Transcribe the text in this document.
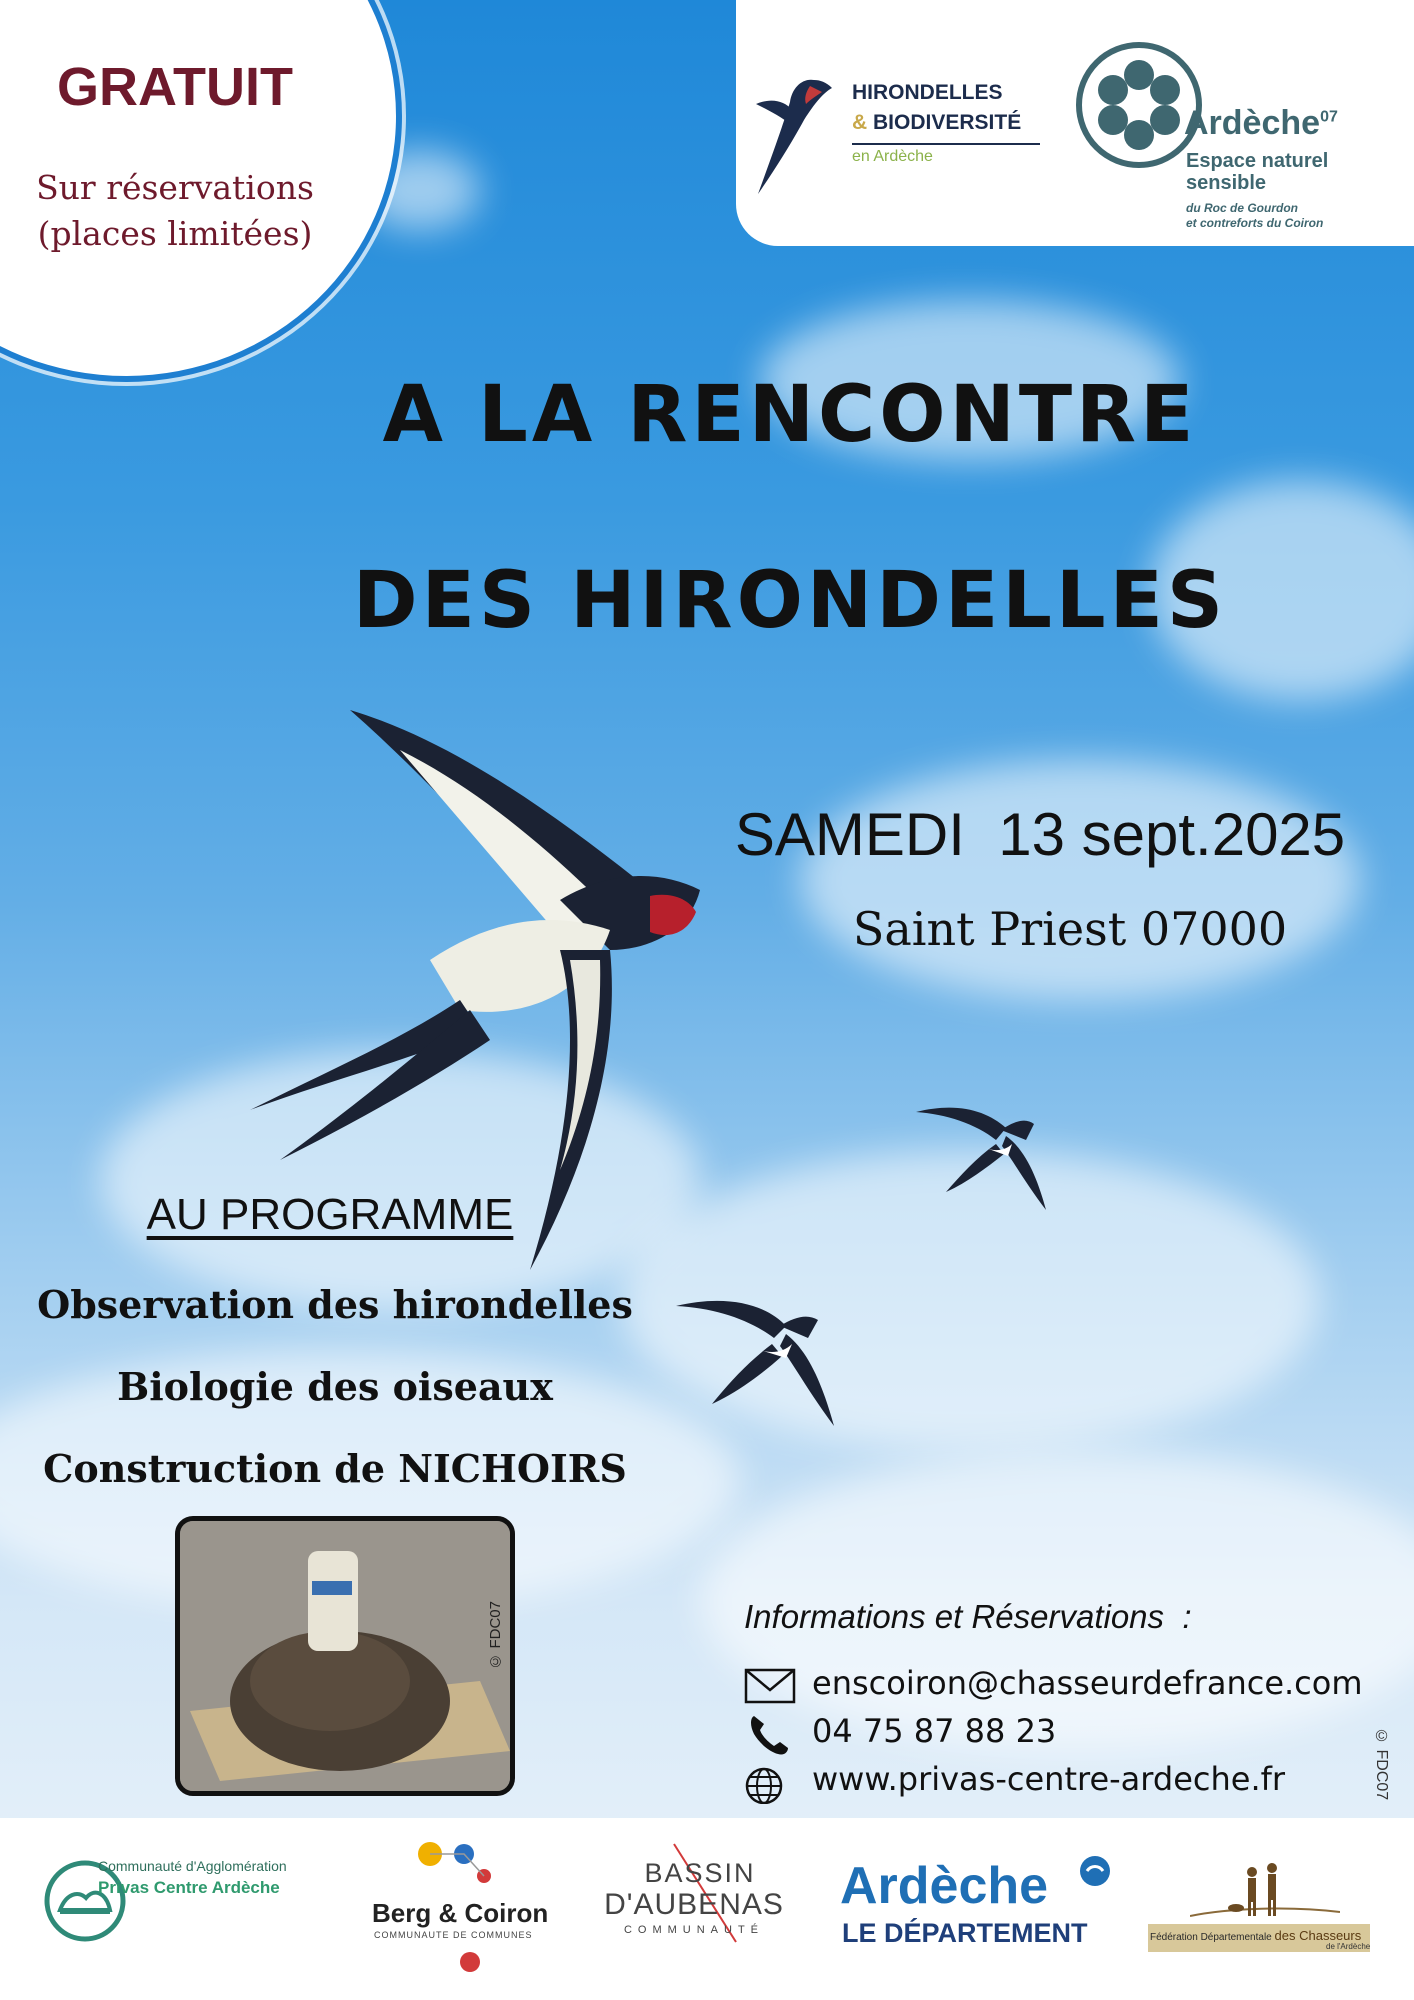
GRATUIT
Sur réservations
(places limitées)
HIRONDELLES
& BIODIVERSITÉ
en Ardèche
Ardèche$^{07}$
Espace naturel
sensible
du Roc de Gourdon
et contreforts du Coiron
A LA RENCONTRE
DES HIRONDELLES
SAMEDI  13 sept.2025
Saint Priest 07000
AU PROGRAMME
Observation des hirondelles
Biologie des oiseaux
Construction de NICHOIRS
© FDC07	Informations et Réservations  :
enscoiron@chasseurdefrance.com
04 75 87 88 23
www.privas-centre-ardeche.fr	© FDC07
Communauté d'Agglomération
Privas Centre Ardèche
Berg & Coiron
COMMUNAUTE DE COMMUNES
BASSIN
D'AUBENAS
COMMUNAUTÉ
Ardèche
LE DÉPARTEMENT	Fédération Départementale des Chasseurs
de l'Ardèche
